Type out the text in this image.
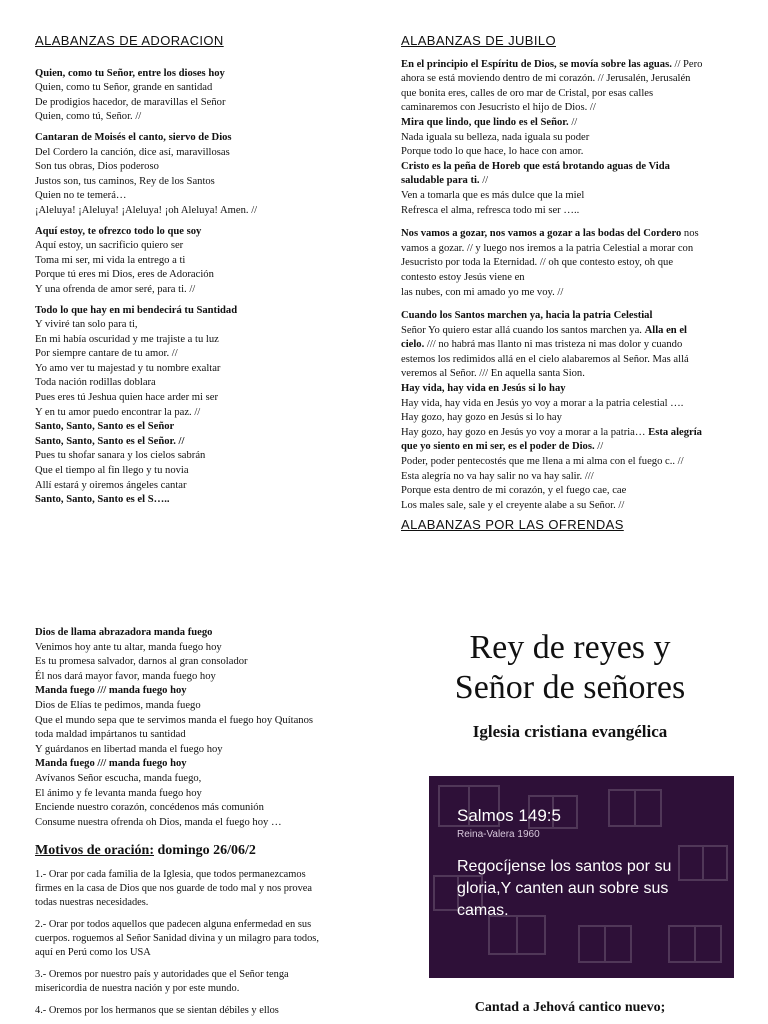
ALABANZAS DE ADORACION
Quien, como tu Señor, entre los dioses hoy
Quien, como tu Señor, grande en santidad
De prodigios hacedor, de maravillas el Señor
Quien, como tú, Señor. //
Cantaran de Moisés el canto, siervo de Dios
Del Cordero la canción, dice así, maravillosas
Son tus obras, Dios poderoso
Justos son, tus caminos, Rey de los Santos
Quien no te temerá…
¡Aleluya! ¡Aleluya! ¡Aleluya! ¡oh Aleluya! Amen. //
Aquí estoy, te ofrezco todo lo que soy
Aquí estoy, un sacrificio quiero ser
Toma mi ser, mi vida la entrego a ti
Porque tú eres mi Dios, eres de Adoración
Y una ofrenda de amor seré, para ti. //
Todo lo que hay en mi bendecirá tu Santidad
Y viviré tan solo para ti,
En mi había oscuridad y me trajiste a tu luz
Por siempre cantare de tu amor. //
Yo amo ver tu majestad y tu nombre exaltar
Toda nación rodillas doblara
Pues eres tú Jeshua quien hace arder mi ser
Y en tu amor puedo encontrar la paz. //
Santo, Santo, Santo es el Señor
Santo, Santo, Santo es el Señor. //
Pues tu shofar sanara y los cielos sabrán
Que el tiempo al fin llego y tu novia
Allí estará y oiremos ángeles cantar
Santo, Santo, Santo es el S…..
ALABANZAS DE JUBILO
En el principio el Espíritu de Dios, se movía sobre las aguas. // Pero
ahora se está moviendo dentro de mi corazón. // Jerusalén, Jerusalén
que bonita eres, calles de oro mar de Cristal, por esas calles
caminaremos con Jesucristo el hijo de Dios. //
Mira que lindo, que lindo es el Señor. //
Nada iguala su belleza, nada iguala su poder
Porque todo lo que hace, lo hace con amor.
Cristo es la peña de Horeb que está brotando aguas de Vida
saludable para ti. //
Ven a tomarla que es más dulce que la miel
Refresca el alma, refresca todo mi ser …..
Nos vamos a gozar, nos vamos a gozar a las bodas del Cordero nos
vamos a gozar. // y luego nos iremos a la patria Celestial a morar con
Jesucristo por toda la Eternidad. // oh que contesto estoy, oh que
contesto estoy Jesús viene en
las nubes, con mi amado yo me voy. //
Cuando los Santos marchen ya, hacia la patria Celestial
Señor Yo quiero estar allá cuando los santos marchen ya. Alla en el
cielo. /// no habrá mas llanto ni mas tristeza ni mas dolor y cuando
estemos los redimidos allá en el cielo alabaremos al Señor. Mas allá
veremos al Señor. /// En aquella santa Sion.
Hay vida, hay vida en Jesús si lo hay
Hay vida, hay vida en Jesús yo voy a morar a la patria celestial ….
Hay gozo, hay gozo en Jesús si lo hay
Hay gozo, hay gozo en Jesús yo voy a morar a la patria… Esta alegría
que yo siento en mi ser, es el poder de Dios. //
Poder, poder pentecostés que me llena a mi alma con el fuego c.. //
Esta alegría no va hay salir no va hay salir. ///
Porque esta dentro de mi corazón, y el fuego cae, cae
Los males sale, sale y el creyente alabe a su Señor. //
ALABANZAS POR LAS OFRENDAS
Dios de llama abrazadora manda fuego
Venimos hoy ante tu altar, manda fuego hoy
Es tu promesa salvador, darnos al gran consolador
Él nos dará mayor favor, manda fuego hoy
Manda fuego /// manda fuego hoy
Dios de Elías te pedimos, manda fuego
Que el mundo sepa que te servimos manda el fuego hoy Quítanos
toda maldad impártanos tu santidad
Y guárdanos en libertad manda el fuego hoy
Manda fuego /// manda fuego hoy
Avívanos Señor escucha, manda fuego,
El ánimo y fe levanta manda fuego hoy
Enciende nuestro corazón, concédenos más comunión
Consume nuestra ofrenda oh Dios, manda el fuego hoy …
Motivos de oración: domingo 26/06/2
1.- Orar por cada familia de la Iglesia, que todos permanezcamos
firmes en la casa de Dios que nos guarde de todo mal y nos provea
todas nuestras necesidades.
2.- Orar por todos aquellos que padecen alguna enfermedad en sus
cuerpos. roguemos al Señor Sanidad divina y un milagro para todos,
aquí en Perú como los USA
3.- Oremos por nuestro país y autoridades que el Señor tenga
misericordia de nuestra nación y por este mundo.
4.- Oremos por los hermanos que se sientan débiles y ellos
Rey de reyes y
Señor de señores
Iglesia cristiana evangélica
Salmos 149:5
Reina-Valera 1960
Regocíjense los santos por su gloria,Y canten aun sobre sus camas.
Cantad a Jehová cantico nuevo;
